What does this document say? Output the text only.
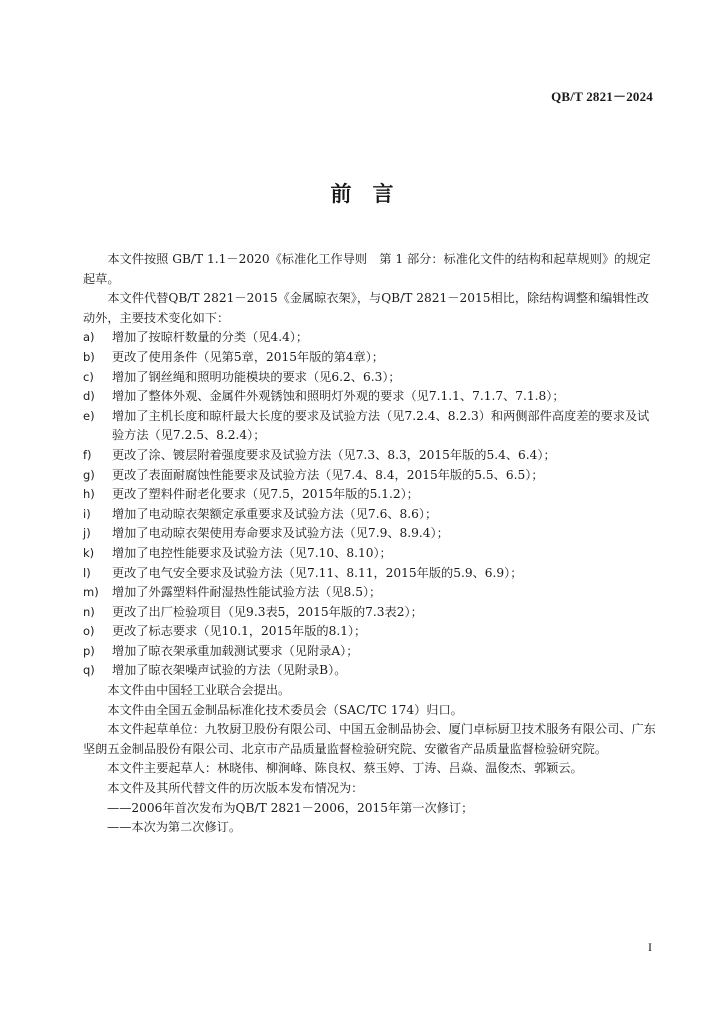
QB/T 2821－2024
前　言

本文件按照 GB/T 1.1－2020《标准化工作导则　第 1 部分：标准化文件的结构和起草规则》的规定起草。

本文件代替QB/T 2821－2015《金属晾衣架》，与QB/T 2821－2015相比，除结构调整和编辑性改动外，主要技术变化如下：

a)	增加了按晾杆数量的分类（见4.4）；
b)	更改了使用条件（见第5章，2015年版的第4章）；
c)	增加了钢丝绳和照明功能模块的要求（见6.2、6.3）；
d)	增加了整体外观、金属件外观锈蚀和照明灯外观的要求（见7.1.1、7.1.7、7.1.8）；
e)	增加了主机长度和晾杆最大长度的要求及试验方法（见7.2.4、8.2.3）和两侧部件高度差的要求及试验方法（见7.2.5、8.2.4）；
f)	更改了涂、镀层附着强度要求及试验方法（见7.3、8.3，2015年版的5.4、6.4）；
g)	更改了表面耐腐蚀性能要求及试验方法（见7.4、8.4，2015年版的5.5、6.5）；
h)	更改了塑料件耐老化要求（见7.5，2015年版的5.1.2）；
i)	增加了电动晾衣架额定承重要求及试验方法（见7.6、8.6）；
j)	增加了电动晾衣架使用寿命要求及试验方法（见7.9、8.9.4）；
k)	增加了电控性能要求及试验方法（见7.10、8.10）；
l)	更改了电气安全要求及试验方法（见7.11、8.11，2015年版的5.9、6.9）；
m)	增加了外露塑料件耐湿热性能试验方法（见8.5）；
n)	更改了出厂检验项目（见9.3表5，2015年版的7.3表2）；
o)	更改了标志要求（见10.1，2015年版的8.1）；
p)	增加了晾衣架承重加载测试要求（见附录A）；
q)	增加了晾衣架噪声试验的方法（见附录B）。

本文件由中国轻工业联合会提出。

本文件由全国五金制品标准化技术委员会（SAC/TC 174）归口。

本文件起草单位：九牧厨卫股份有限公司、中国五金制品协会、厦门卓标厨卫技术服务有限公司、广东坚朗五金制品股份有限公司、北京市产品质量监督检验研究院、安徽省产品质量监督检验研究院。

本文件主要起草人：林晓伟、柳涧峰、陈良权、蔡玉婷、丁涛、吕焱、温俊杰、郭颖云。

本文件及其所代替文件的历次版本发布情况为：

——2006年首次发布为QB/T 2821－2006，2015年第一次修订；

——本次为第二次修订。

I
